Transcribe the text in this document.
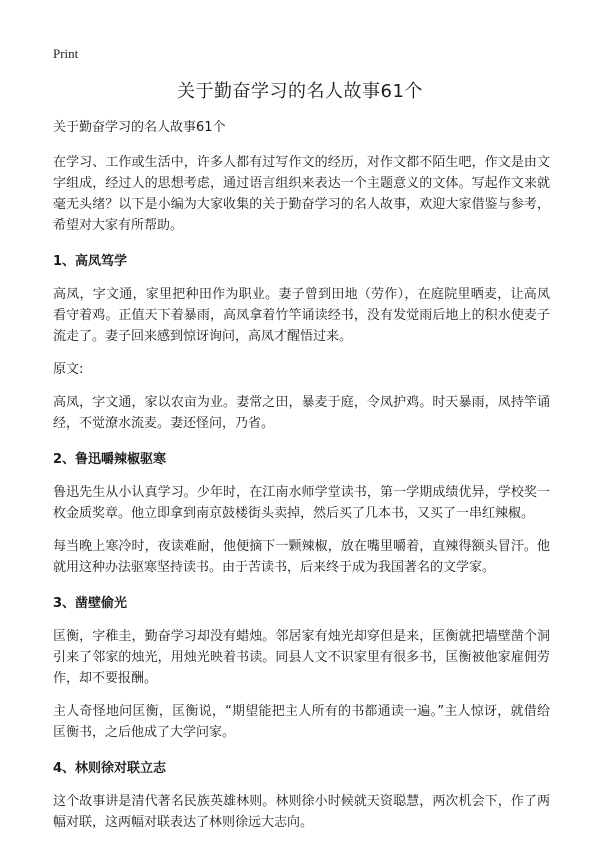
Print
关于勤奋学习的名人故事61个

关于勤奋学习的名人故事61个

在学习、工作或生活中，许多人都有过写作文的经历，对作文都不陌生吧，作文是由文字组成，经过人的思想考虑，通过语言组织来表达一个主题意义的文体。写起作文来就毫无头绪？以下是小编为大家收集的关于勤奋学习的名人故事，欢迎大家借鉴与参考，希望对大家有所帮助。

1、高凤笃学

高凤，字文通，家里把种田作为职业。妻子曾到田地（劳作），在庭院里晒麦，让高凤看守着鸡。正值天下着暴雨，高凤拿着竹竿诵读经书，没有发觉雨后地上的积水使麦子流走了。妻子回来感到惊讶询问，高凤才醒悟过来。

原文:

高凤，字文通，家以农亩为业。妻常之田，暴麦于庭，令凤护鸡。时天暴雨，凤持竿诵经，不觉潦水流麦。妻还怪问，乃省。

2、鲁迅嚼辣椒驱寒

鲁迅先生从小认真学习。少年时，在江南水师学堂读书，第一学期成绩优异，学校奖一枚金质奖章。他立即拿到南京鼓楼街头卖掉，然后买了几本书，又买了一串红辣椒。

每当晚上寒冷时，夜读难耐，他便摘下一颗辣椒，放在嘴里嚼着，直辣得额头冒汗。他就用这种办法驱寒坚持读书。由于苦读书，后来终于成为我国著名的文学家。

3、凿壁偷光

匡衡，字稚圭，勤奋学习却没有蜡烛。邻居家有烛光却穿但是来，匡衡就把墙壁凿个洞引来了邻家的烛光，用烛光映着书读。同县人文不识家里有很多书，匡衡被他家雇佣劳作，却不要报酬。

主人奇怪地问匡衡，匡衡说，“期望能把主人所有的书都通读一遍。”主人惊讶，就借给匡衡书，之后他成了大学问家。

4、林则徐对联立志

这个故事讲是清代著名民族英雄林则。林则徐小时候就天资聪慧，两次机会下，作了两幅对联，这两幅对联表达了林则徐远大志向。
